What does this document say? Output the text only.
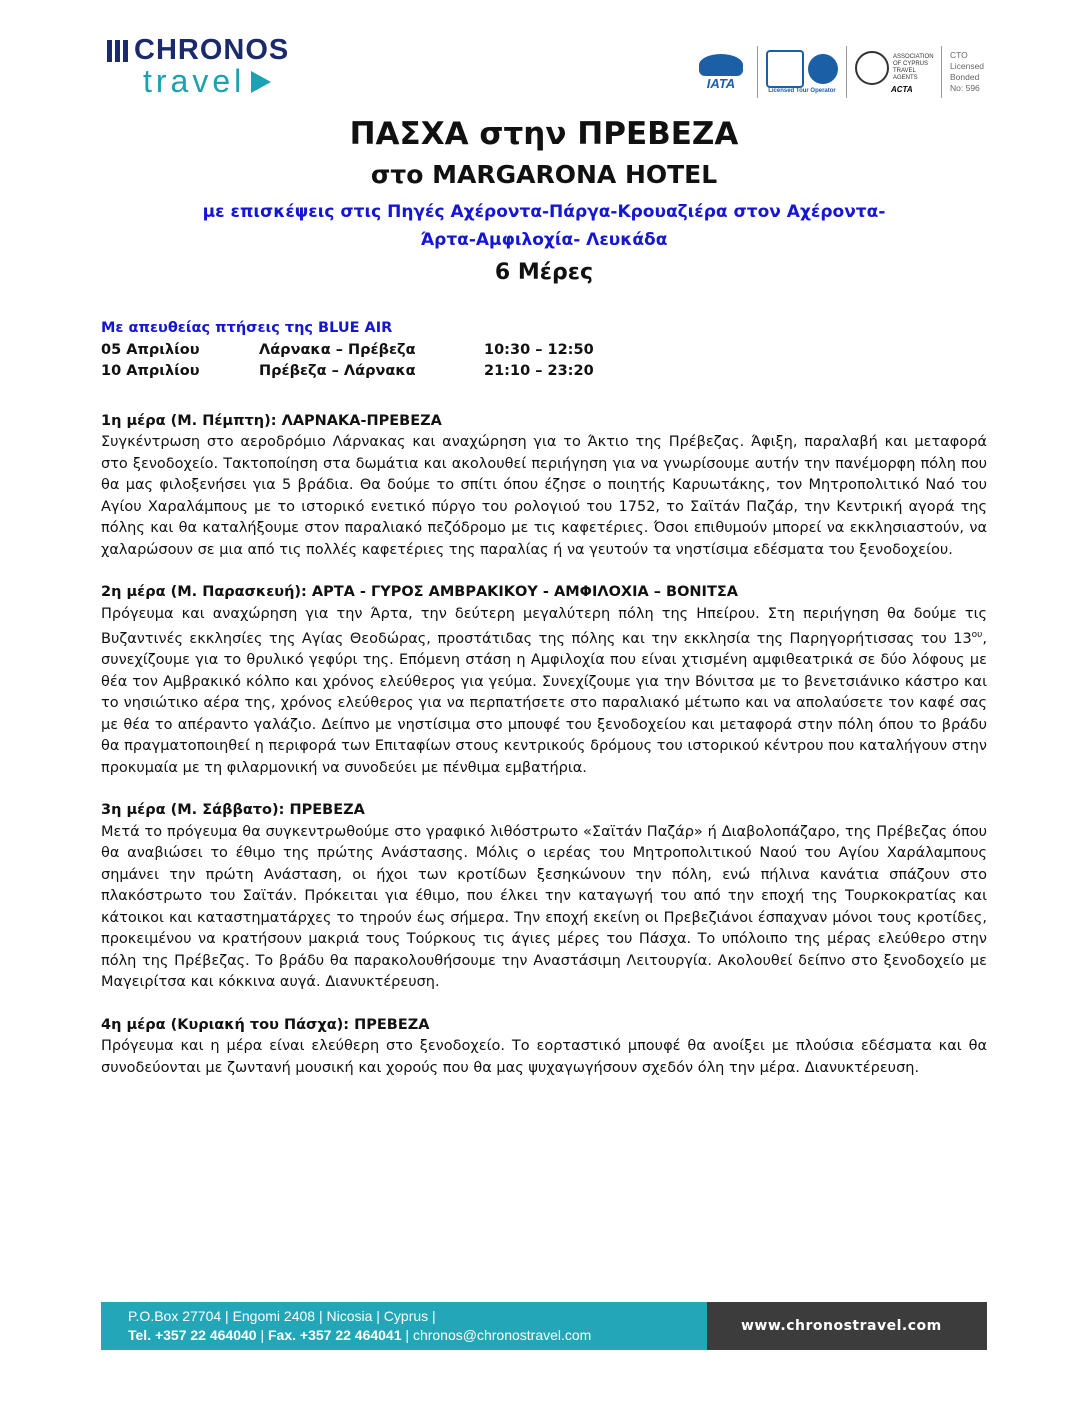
CHRONOS
travel	IATA
Licensed Tour Operator
ASSOCIATION OF CYPRUS TRAVEL AGENTS
ACTA
CTO
Licensed
Bonded
No: 596

ΠΑΣΧΑ στην ΠΡΕΒΕΖΑ

στο MARGARONA HOTEL

με επισκέψεις στις Πηγές Αχέροντα-Πάργα-Κρουαζιέρα στον Αχέροντα-
Άρτα-Αμφιλοχία- Λευκάδα

6 Μέρες

Με απευθείας πτήσεις της BLUE AIR
05 Απριλίου	Λάρνακα – Πρέβεζα	10:30 – 12:50
10 Απριλίου	Πρέβεζα – Λάρνακα	21:10 – 23:20
1η μέρα (Μ. Πέμπτη): ΛΑΡΝΑΚΑ-ΠΡΕΒΕΖΑ
Συγκέντρωση στο αεροδρόμιο Λάρνακας και αναχώρηση για το Άκτιο της Πρέβεζας. Άφιξη, παραλαβή και μεταφορά στο ξενοδοχείο. Τακτοποίηση στα δωμάτια και ακολουθεί περιήγηση για να γνωρίσουμε αυτήν την πανέμορφη πόλη που θα μας φιλοξενήσει για 5 βράδια. Θα δούμε το σπίτι όπου έζησε ο ποιητής Καρυωτάκης, τον Μητροπολιτικό Ναό του Αγίου Χαραλάμπους με το ιστορικό ενετικό πύργο του ρολογιού του 1752, το Σαϊτάν Παζάρ, την Κεντρική αγορά της πόλης και θα καταλήξουμε στον παραλιακό πεζόδρομο με τις καφετέριες. Όσοι επιθυμούν μπορεί να εκκλησιαστούν, να χαλαρώσουν σε μια από τις πολλές καφετέριες της παραλίας ή να γευτούν τα νηστίσιμα εδέσματα του ξενοδοχείου.
2η μέρα (Μ. Παρασκευή): ΑΡΤΑ - ΓΥΡΟΣ ΑΜΒΡΑΚΙΚΟΥ - ΑΜΦΙΛΟΧΙΑ – ΒΟΝΙΤΣΑ
Πρόγευμα και αναχώρηση για την Άρτα, την δεύτερη μεγαλύτερη πόλη της Ηπείρου. Στη περιήγηση θα δούμε τις Βυζαντινές εκκλησίες της Αγίας Θεοδώρας, προστάτιδας της πόλης και την εκκλησία της Παρηγορήτισσας του $13^{o\upsilon}$, συνεχίζουμε για το θρυλικό γεφύρι της. Επόμενη στάση η Αμφιλοχία που είναι χτισμένη αμφιθεατρικά σε δύο λόφους με θέα τον Αμβρακικό κόλπο και χρόνος ελεύθερος για γεύμα. Συνεχίζουμε για την Βόνιτσα με το βενετσιάνικο κάστρο και το νησιώτικο αέρα της, χρόνος ελεύθερος για να περπατήσετε στο παραλιακό μέτωπο και να απολαύσετε τον καφέ σας με θέα το απέραντο γαλάζιο. Δείπνο με νηστίσιμα στο μπουφέ του ξενοδοχείου και μεταφορά στην πόλη όπου το βράδυ θα πραγματοποιηθεί η περιφορά των Επιταφίων στους κεντρικούς δρόμους του ιστορικού κέντρου που καταλήγουν στην προκυμαία με τη φιλαρμονική να συνοδεύει με πένθιμα εμβατήρια.
3η μέρα (Μ. Σάββατο): ΠΡΕΒΕΖΑ
Μετά το πρόγευμα θα συγκεντρωθούμε στο γραφικό λιθόστρωτο «Σαϊτάν Παζάρ» ή Διαβολοπάζαρο, της Πρέβεζας όπου θα αναβιώσει το έθιμο της πρώτης Ανάστασης. Μόλις ο ιερέας του Μητροπολιτικού Ναού του Αγίου Χαράλαμπους σημάνει την πρώτη Ανάσταση, οι ήχοι των κροτίδων ξεσηκώνουν την πόλη, ενώ πήλινα κανάτια σπάζουν στο πλακόστρωτο του Σαϊτάν. Πρόκειται για έθιμο, που έλκει την καταγωγή του από την εποχή της Τουρκοκρατίας και κάτοικοι και καταστηματάρχες το τηρούν έως σήμερα. Την εποχή εκείνη οι Πρεβεζιάνοι έσπαχναν μόνοι τους κροτίδες, προκειμένου να κρατήσουν μακριά τους Τούρκους τις άγιες μέρες του Πάσχα. Το υπόλοιπο της μέρας ελεύθερο στην πόλη της Πρέβεζας. Το βράδυ θα παρακολουθήσουμε την Αναστάσιμη Λειτουργία. Ακολουθεί δείπνο στο ξενοδοχείο με Μαγειρίτσα και κόκκινα αυγά. Διανυκτέρευση.
4η μέρα (Κυριακή του Πάσχα): ΠΡΕΒΕΖΑ
Πρόγευμα και η μέρα είναι ελεύθερη στο ξενοδοχείο. Το εορταστικό μπουφέ θα ανοίξει με πλούσια εδέσματα και θα συνοδεύονται με ζωντανή μουσική και χορούς που θα μας ψυχαγωγήσουν σχεδόν όλη την μέρα. Διανυκτέρευση.
P.O.Box 27704 | Engomi 2408 | Nicosia | Cyprus |
Tel. +357 22 464040 | Fax. +357 22 464041 | chronos@chronostravel.com
www.chronostravel.com
